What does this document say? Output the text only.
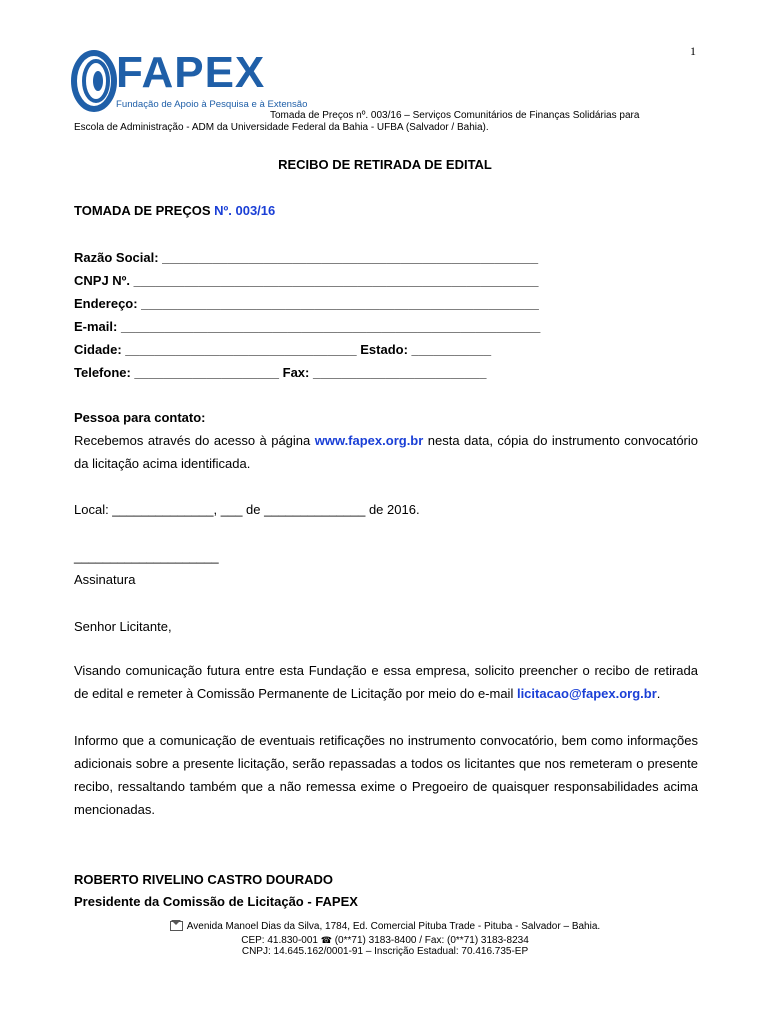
1
FAPEX
Fundação de Apoio à Pesquisa e à Extensão
Tomada de Preços nº. 003/16 – Serviços Comunitários de Finanças Solidárias para
Escola de Administração - ADM da Universidade Federal da Bahia - UFBA (Salvador / Bahia).
RECIBO DE RETIRADA DE EDITAL
TOMADA DE PREÇOS Nº. 003/16
Razão Social: ____________________________________________________
CNPJ Nº. ________________________________________________________
Endereço: _______________________________________________________
E-mail: __________________________________________________________
Cidade: ________________________________ Estado: ___________
Telefone: ____________________ Fax: ________________________
Pessoa para contato:
Recebemos através do acesso à página www.fapex.org.br nesta data, cópia do instrumento convocatório da licitação acima identificada.
Local: ______________, ___ de ______________ de 2016.
____________________
Assinatura
Senhor Licitante,
Visando comunicação futura entre esta Fundação e essa empresa, solicito preencher o recibo de retirada de edital e remeter à Comissão Permanente de Licitação por meio do e-mail licitacao@fapex.org.br.
Informo que a comunicação de eventuais retificações no instrumento convocatório, bem como informações adicionais sobre a presente licitação, serão repassadas a todos os licitantes que nos remeteram o presente recibo, ressaltando também que a não remessa exime o Pregoeiro de quaisquer responsabilidades acima mencionadas.
ROBERTO RIVELINO CASTRO DOURADO
Presidente da Comissão de Licitação - FAPEX
Avenida Manoel Dias da Silva, 1784, Ed. Comercial Pituba Trade - Pituba - Salvador – Bahia.
CEP: 41.830-001 ☎ (0**71) 3183-8400 / Fax: (0**71) 3183-8234
CNPJ: 14.645.162/0001-91 – Inscrição Estadual: 70.416.735-EP
